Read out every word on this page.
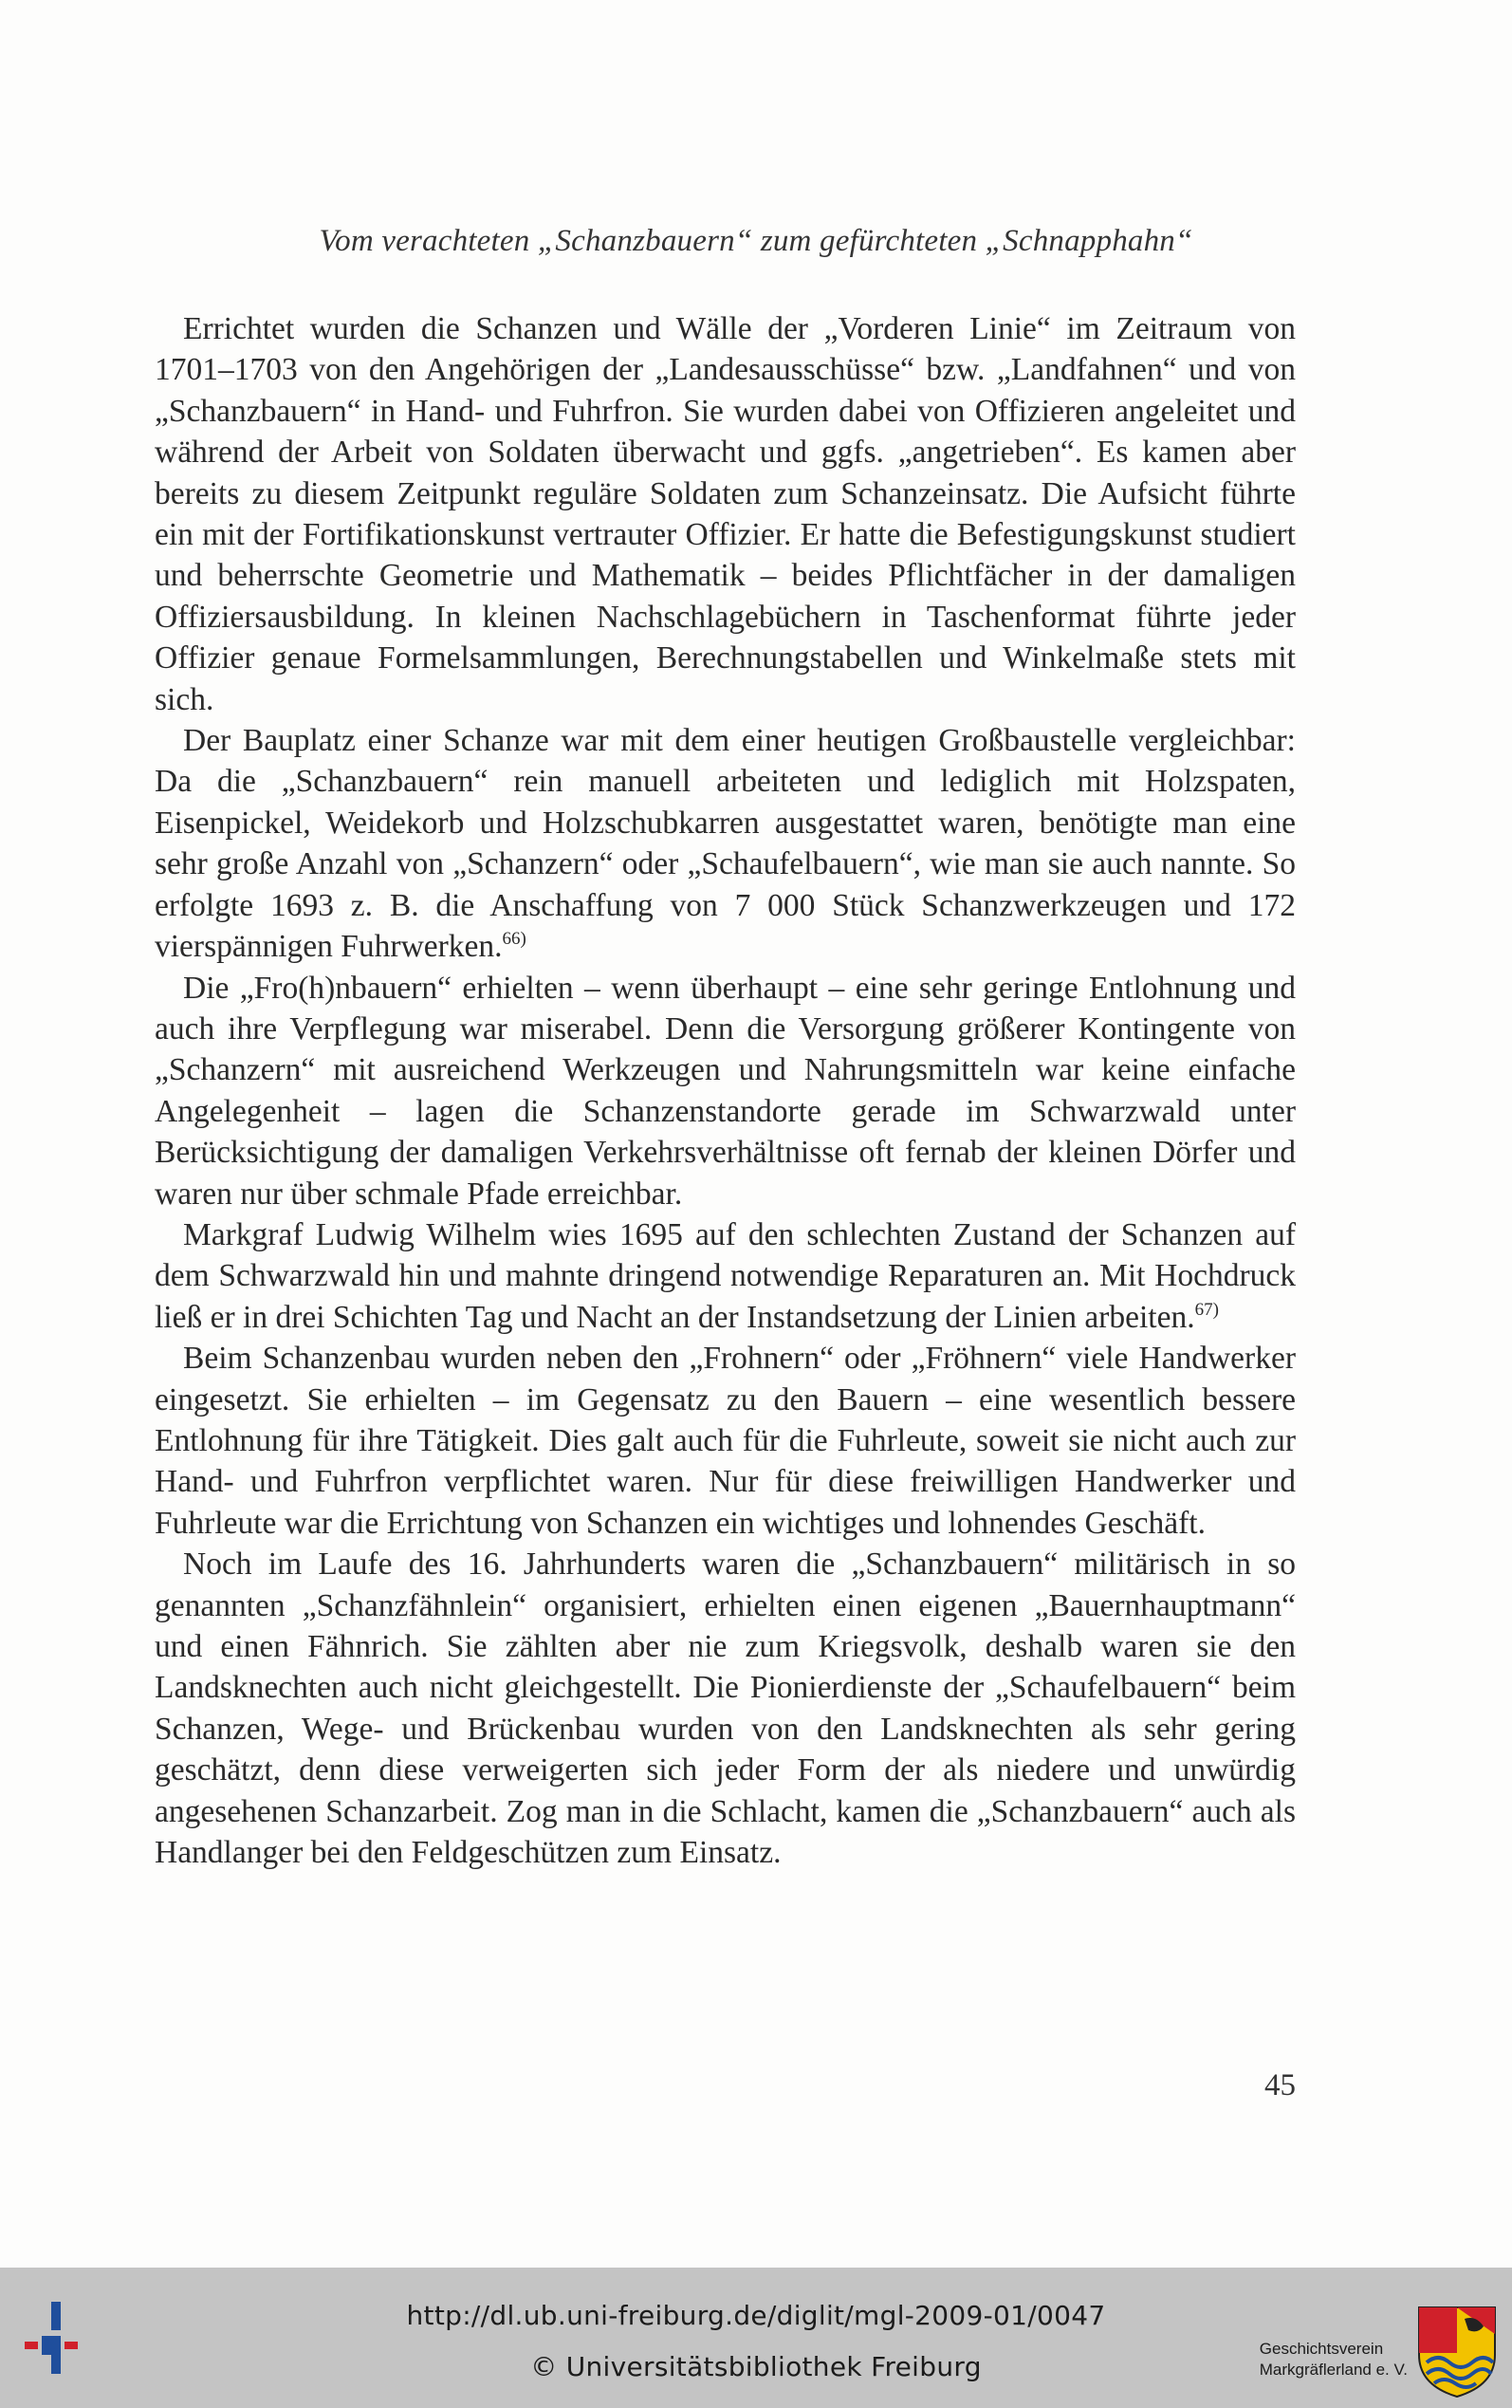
Vom verachteten „Schanzbauern“ zum gefürchteten „Schnapphahn“

Errichtet wurden die Schanzen und Wälle der „Vorderen Linie“ im Zeitraum von 1701–1703 von den Angehörigen der „Landesausschüsse“ bzw. „Landfahnen“ und von „Schanzbauern“ in Hand- und Fuhrfron. Sie wurden dabei von Offizieren angeleitet und während der Arbeit von Soldaten überwacht und ggfs. „angetrieben“. Es kamen aber bereits zu diesem Zeitpunkt reguläre Soldaten zum Schanzeinsatz. Die Aufsicht führte ein mit der Fortifikationskunst vertrauter Offizier. Er hatte die Befestigungskunst studiert und beherrschte Geometrie und Mathematik – beides Pflichtfächer in der damaligen Offiziersausbildung. In kleinen Nachschlagebüchern in Taschenformat führte jeder Offizier genaue Formelsammlungen, Berechnungstabellen und Winkelmaße stets mit sich.

Der Bauplatz einer Schanze war mit dem einer heutigen Großbaustelle vergleichbar: Da die „Schanzbauern“ rein manuell arbeiteten und lediglich mit Holzspaten, Eisenpickel, Weidekorb und Holzschubkarren ausgestattet waren, benötigte man eine sehr große Anzahl von „Schanzern“ oder „Schaufelbauern“, wie man sie auch nannte. So erfolgte 1693 z. B. die Anschaffung von 7 000 Stück Schanzwerkzeugen und 172 vierspännigen Fuhrwerken.$^{66)}$

Die „Fro(h)nbauern“ erhielten – wenn überhaupt – eine sehr geringe Entlohnung und auch ihre Verpflegung war miserabel. Denn die Versorgung größerer Kontingente von „Schanzern“ mit ausreichend Werkzeugen und Nahrungsmitteln war keine einfache Angelegenheit – lagen die Schanzenstandorte gerade im Schwarzwald unter Berücksichtigung der damaligen Verkehrsverhältnisse oft fernab der kleinen Dörfer und waren nur über schmale Pfade erreichbar.

Markgraf Ludwig Wilhelm wies 1695 auf den schlechten Zustand der Schanzen auf dem Schwarzwald hin und mahnte dringend notwendige Reparaturen an. Mit Hochdruck ließ er in drei Schichten Tag und Nacht an der Instandsetzung der Linien arbeiten.$^{67)}$

Beim Schanzenbau wurden neben den „Frohnern“ oder „Fröhnern“ viele Handwerker eingesetzt. Sie erhielten – im Gegensatz zu den Bauern – eine wesentlich bessere Entlohnung für ihre Tätigkeit. Dies galt auch für die Fuhrleute, soweit sie nicht auch zur Hand- und Fuhrfron verpflichtet waren. Nur für diese freiwilligen Handwerker und Fuhrleute war die Errichtung von Schanzen ein wichtiges und lohnendes Geschäft.

Noch im Laufe des 16. Jahrhunderts waren die „Schanzbauern“ militärisch in so genannten „Schanzfähnlein“ organisiert, erhielten einen eigenen „Bauernhauptmann“ und einen Fähnrich. Sie zählten aber nie zum Kriegsvolk, deshalb waren sie den Landsknechten auch nicht gleichgestellt. Die Pionierdienste der „Schaufelbauern“ beim Schanzen, Wege- und Brückenbau wurden von den Landsknechten als sehr gering geschätzt, denn diese verweigerten sich jeder Form der als niedere und unwürdig angesehenen Schanzarbeit. Zog man in die Schlacht, kamen die „Schanzbauern“ auch als Handlanger bei den Feldgeschützen zum Einsatz.

45
http://dl.ub.uni-freiburg.de/diglit/mgl-2009-01/0047
© Universitätsbibliothek Freiburg
Geschichtsverein
Markgräflerland e. V.
